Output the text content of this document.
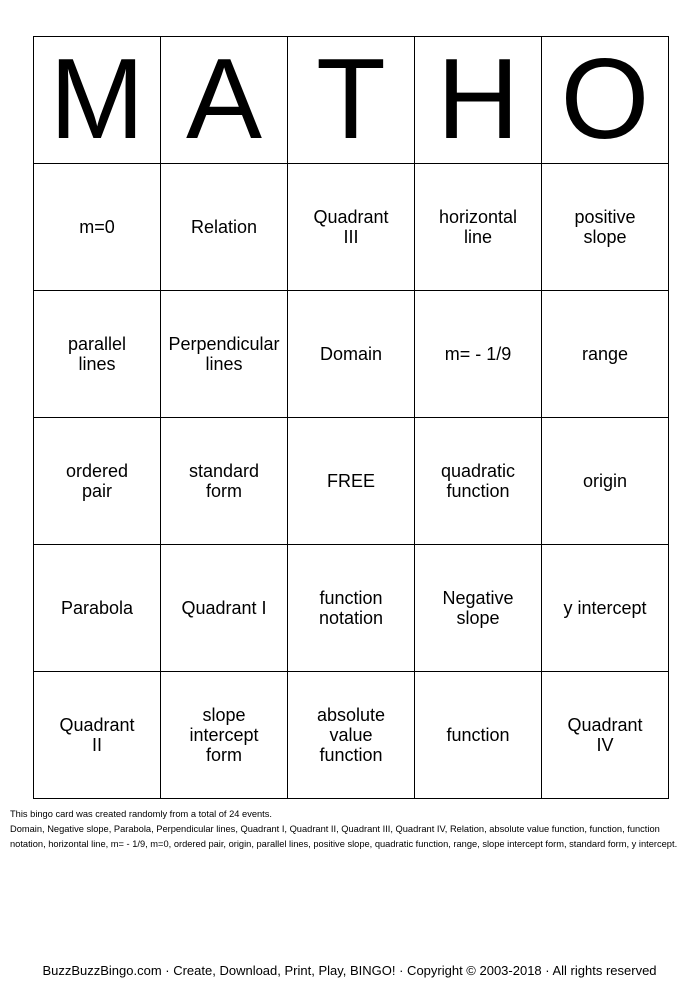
M	A	T	H	O

m=0	Relation	Quadrant III	horizontal line	positive slope

parallel lines	Perpendicular lines	Domain	m= - 1/9	range

ordered pair	standard form	FREE	quadratic function	origin

Parabola	Quadrant I	function notation	Negative slope	y intercept

Quadrant II	slope intercept form	absolute value function	function	Quadrant IV
This bingo card was created randomly from a total of 24 events.
Domain, Negative slope, Parabola, Perpendicular lines, Quadrant I, Quadrant II, Quadrant III, Quadrant IV, Relation, absolute value function, function, function notation, horizontal line, m= - 1/9, m=0, ordered pair, origin, parallel lines, positive slope, quadratic function, range, slope intercept form, standard form, y intercept.
BuzzBuzzBingo.com · Create, Download, Print, Play, BINGO! · Copyright © 2003-2018 · All rights reserved
